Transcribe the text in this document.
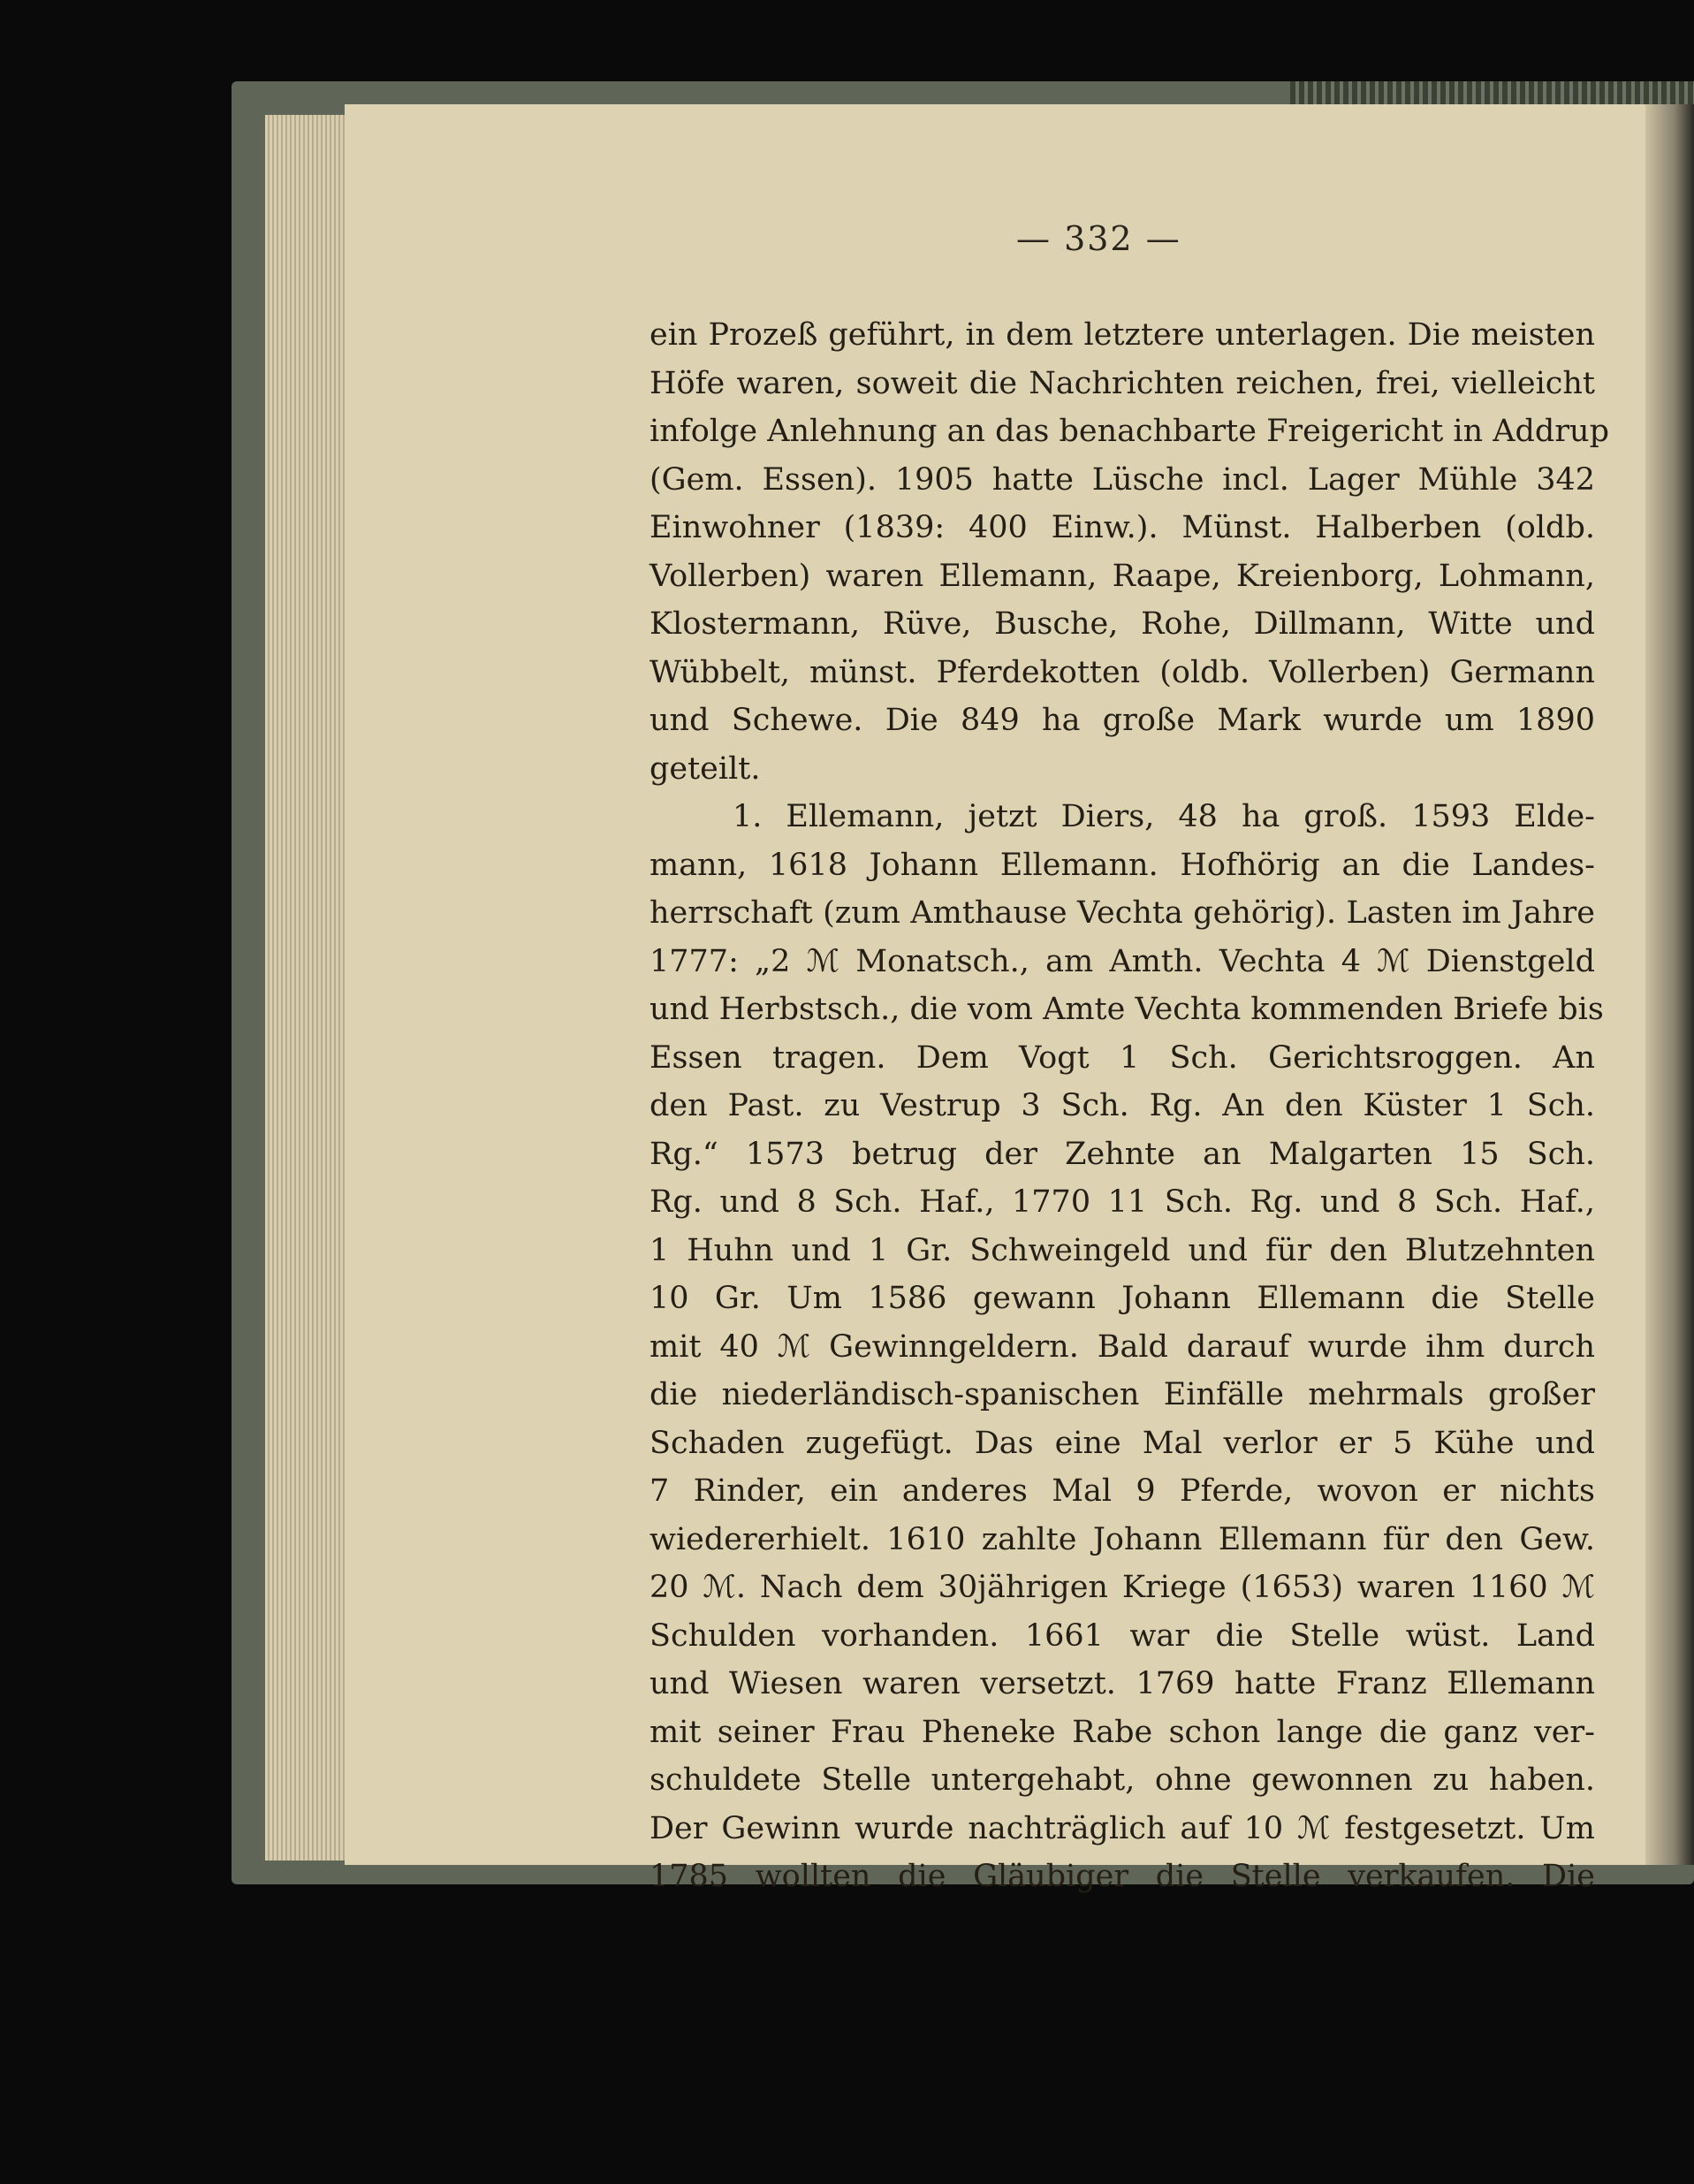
— 332 —
ein Prozeß geführt, in dem letztere unterlagen. Die meisten
Höfe waren, soweit die Nachrichten reichen, frei, vielleicht
infolge Anlehnung an das benachbarte Freigericht in Addrup
(Gem. Essen). 1905 hatte Lüsche incl. Lager Mühle 342
Einwohner (1839: 400 Einw.). Münst. Halberben (oldb.
Vollerben) waren Ellemann, Raape, Kreienborg, Lohmann,
Klostermann, Rüve, Busche, Rohe, Dillmann, Witte und
Wübbelt, münst. Pferdekotten (oldb. Vollerben) Germann
und Schewe. Die 849 ha große Mark wurde um 1890
geteilt.
1. Ellemann, jetzt Diers, 48 ha groß. 1593 Elde-
mann, 1618 Johann Ellemann. Hofhörig an die Landes-
herrschaft (zum Amthause Vechta gehörig). Lasten im Jahre
1777: „2 ℳ Monatsch., am Amth. Vechta 4 ℳ Dienstgeld
und Herbstsch., die vom Amte Vechta kommenden Briefe bis
Essen tragen. Dem Vogt 1 Sch. Gerichtsroggen. An
den Past. zu Vestrup 3 Sch. Rg. An den Küster 1 Sch.
Rg.“ 1573 betrug der Zehnte an Malgarten 15 Sch.
Rg. und 8 Sch. Haf., 1770 11 Sch. Rg. und 8 Sch. Haf.,
1 Huhn und 1 Gr. Schweingeld und für den Blutzehnten
10 Gr. Um 1586 gewann Johann Ellemann die Stelle
mit 40 ℳ Gewinngeldern. Bald darauf wurde ihm durch
die niederländisch-spanischen Einfälle mehrmals großer
Schaden zugefügt. Das eine Mal verlor er 5 Kühe und
7 Rinder, ein anderes Mal 9 Pferde, wovon er nichts
wiedererhielt. 1610 zahlte Johann Ellemann für den Gew.
20 ℳ. Nach dem 30jährigen Kriege (1653) waren 1160 ℳ
Schulden vorhanden. 1661 war die Stelle wüst. Land
und Wiesen waren versetzt. 1769 hatte Franz Ellemann
mit seiner Frau Pheneke Rabe schon lange die ganz ver-
schuldete Stelle untergehabt, ohne gewonnen zu haben.
Der Gewinn wurde nachträglich auf 10 ℳ festgesetzt. Um
1785 wollten die Gläubiger die Stelle verkaufen. Die
